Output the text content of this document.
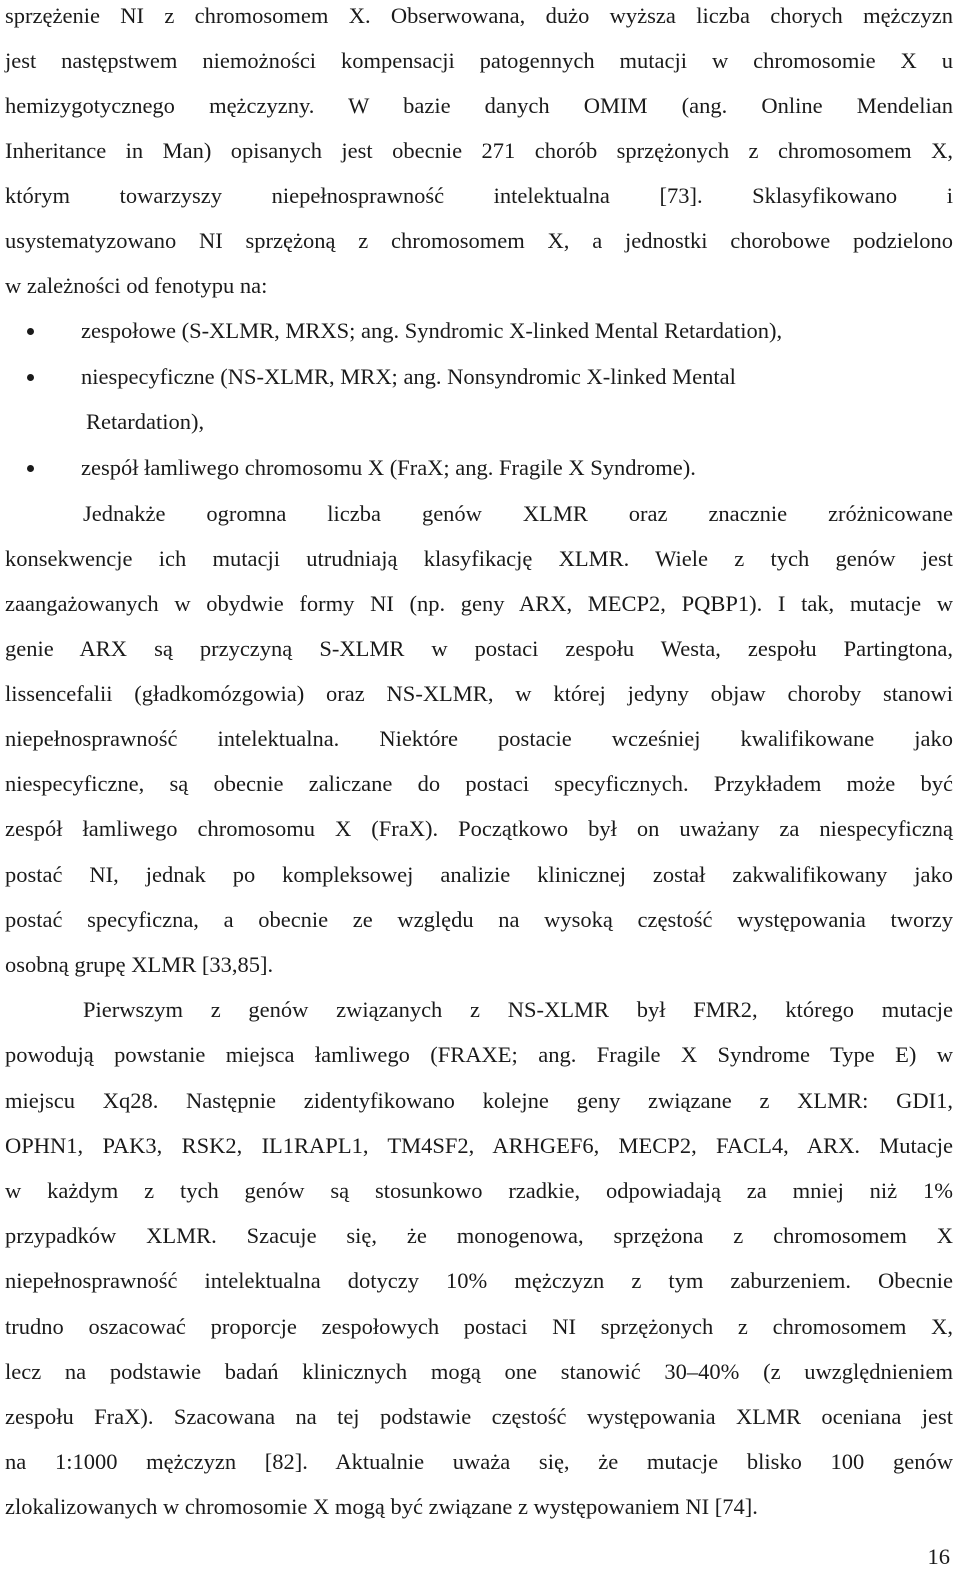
sprzężenie NI z chromosomem X. Obserwowana, dużo wyższa liczba chorych mężczyzn
jest następstwem niemożności kompensacji patogennych mutacji w chromosomie X u
hemizygotycznego mężczyzny. W bazie danych OMIM (ang. Online Mendelian
Inheritance in Man) opisanych jest obecnie 271 chorób sprzężonych z chromosomem X,
którym towarzyszy niepełnosprawność intelektualna [73]. Sklasyfikowano i
usystematyzowano NI sprzężoną z chromosomem X, a jednostki chorobowe podzielono
w zależności od fenotypu na:
zespołowe (S-XLMR, MRXS; ang. Syndromic X-linked Mental Retardation),
niespecyficzne (NS-XLMR, MRX; ang. Nonsyndromic X-linked Mental
Retardation),
zespół łamliwego chromosomu X (FraX; ang. Fragile X Syndrome).
Jednakże ogromna liczba genów XLMR oraz znacznie zróżnicowane
konsekwencje ich mutacji utrudniają klasyfikację XLMR. Wiele z tych genów jest
zaangażowanych w obydwie formy NI (np. geny ARX, MECP2, PQBP1). I tak, mutacje w
genie ARX są przyczyną S-XLMR w postaci zespołu Westa, zespołu Partingtona,
lissencefalii (gładkomózgowia) oraz NS-XLMR, w której jedyny objaw choroby stanowi
niepełnosprawność intelektualna. Niektóre postacie wcześniej kwalifikowane jako
niespecyficzne, są obecnie zaliczane do postaci specyficznych. Przykładem może być
zespół łamliwego chromosomu X (FraX). Początkowo był on uważany za niespecyficzną
postać NI, jednak po kompleksowej analizie klinicznej został zakwalifikowany jako
postać specyficzna, a obecnie ze względu na wysoką częstość występowania tworzy
osobną grupę XLMR [33,85].
Pierwszym z genów związanych z NS-XLMR był FMR2, którego mutacje
powodują powstanie miejsca łamliwego (FRAXE; ang. Fragile X Syndrome Type E) w
miejscu Xq28. Następnie zidentyfikowano kolejne geny związane z XLMR: GDI1,
OPHN1, PAK3, RSK2, IL1RAPL1, TM4SF2, ARHGEF6, MECP2, FACL4, ARX. Mutacje
w każdym z tych genów są stosunkowo rzadkie, odpowiadają za mniej niż 1%
przypadków XLMR. Szacuje się, że monogenowa, sprzężona z chromosomem X
niepełnosprawność intelektualna dotyczy 10% mężczyzn z tym zaburzeniem. Obecnie
trudno oszacować proporcje zespołowych postaci NI sprzężonych z chromosomem X,
lecz na podstawie badań klinicznych mogą one stanowić 30–40% (z uwzględnieniem
zespołu FraX). Szacowana na tej podstawie częstość występowania XLMR oceniana jest
na 1:1000 mężczyzn [82]. Aktualnie uważa się, że mutacje blisko 100 genów
zlokalizowanych w chromosomie X mogą być związane z występowaniem NI [74].
16
